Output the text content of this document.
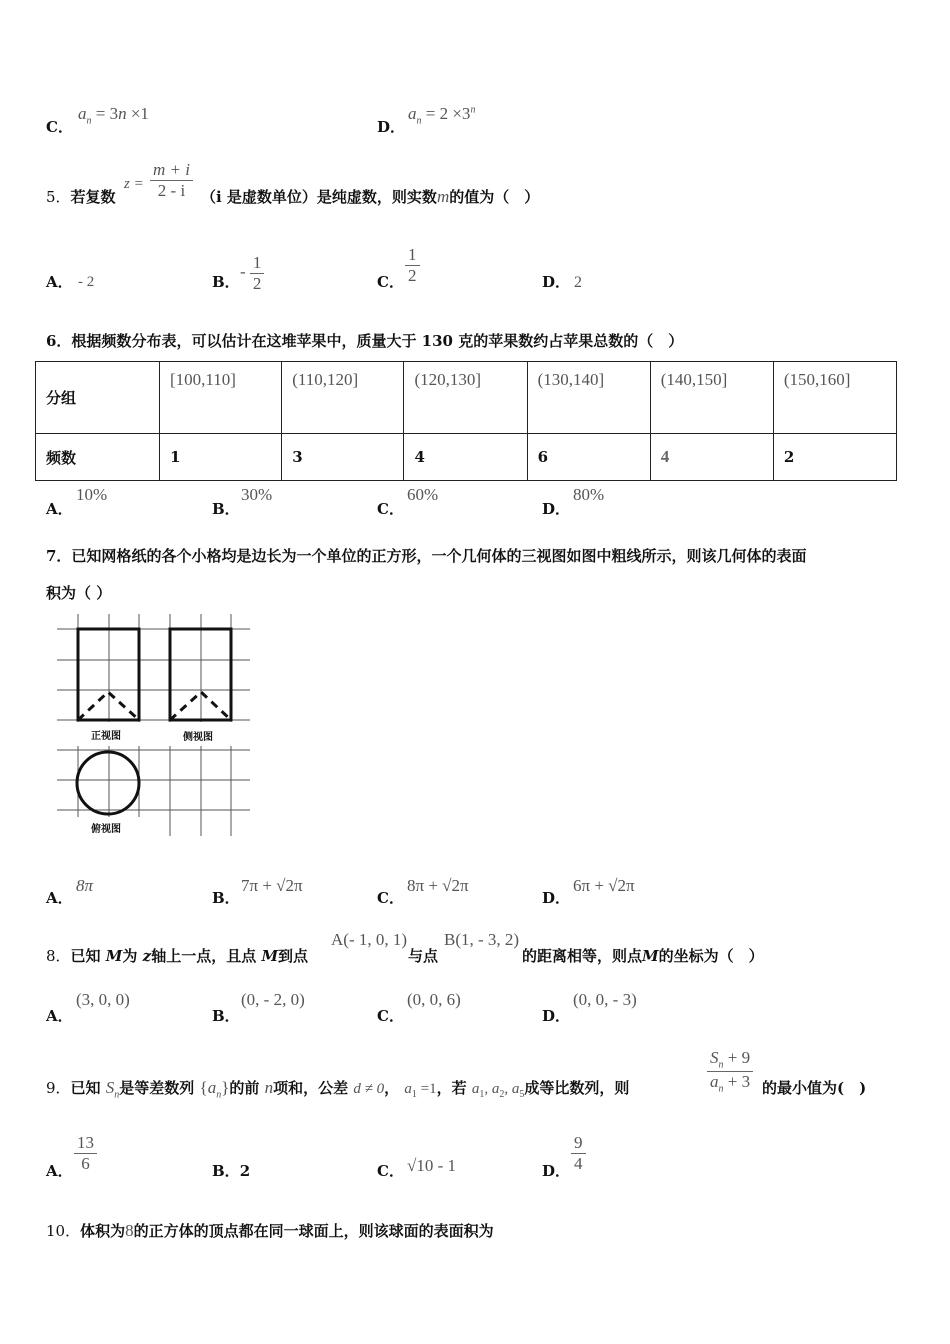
C．
$a_n = 3n \times 1$
D．
$a_n = 2 \times 3^n$
5．若复数
$z = \frac{m + i}{2 - i} (i$ 是虚数单位）是纯虚数，则实数m的值为（　）
A． - 2	B．
- $\frac{1}{2}$	C． $\frac{1}{2}$	D． 2
6．根据频数分布表，可以估计在这堆苹果中，质量大于 130 克的苹果数约占苹果总数的（　）
分组	[100,110]	(110,120]	(120,130]	(130,140]	(140,150]	(150,160]
频数	1	3	4	6	4	2
A．
10%
B．
30%
C．
60%
D．
80%
7．已知网格纸的各个小格均是边长为一个单位的正方形，一个几何体的三视图如图中粗线所示，则该几何体的表面
积为（ ）
正视图	侧视图
俯视图
A．
8π
B．
7π + √2π
C．
8π + √2π
D．
6π + √2π
8．已知 M为 z轴上一点，且点 M到点
A(- 1, 0, 1)
与点
B(1, - 3, 2)
的距离相等，则点M的坐标为（　）
A．
(3, 0, 0)
B．
(0, - 2, 0)
C．
(0, 0, 6)
D．
(0, 0, - 3)
9．已知 $S_n$是等差数列 $\{a_n\}$的前 n项和，公差 d ≠ 0， $a_1 =1$，若 $a_1$, $a_2$, $a_5$成等比数列，则	$\frac{S_n + 9}{a_n + 3}$ 的最小值为(　)
A． $\frac{13}{6}$	B．2	C． √10 - 1	D． $\frac{9}{4}$
10．体积为8的正方体的顶点都在同一球面上，则该球面的表面积为
